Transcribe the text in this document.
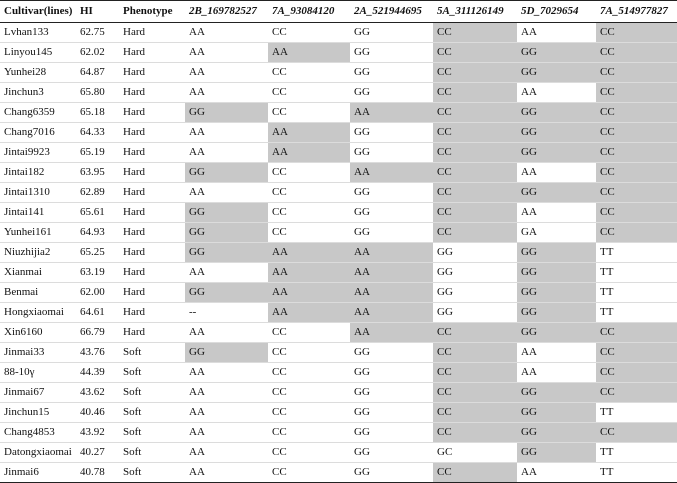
Cultivar(lines)	HI	Phenotype	2B_169782527	7A_93084120	2A_521944695	5A_311126149	5D_7029654	7A_514977827
Lvhan133	62.75	Hard	AA	CC	GG	CC	AA	CC
Linyou145	62.02	Hard	AA	AA	GG	CC	GG	CC
Yunhei28	64.87	Hard	AA	CC	GG	CC	GG	CC
Jinchun3	65.80	Hard	AA	CC	GG	CC	AA	CC
Chang6359	65.18	Hard	GG	CC	AA	CC	GG	CC
Chang7016	64.33	Hard	AA	AA	GG	CC	GG	CC
Jintai9923	65.19	Hard	AA	AA	GG	CC	GG	CC
Jintai182	63.95	Hard	GG	CC	AA	CC	AA	CC
Jintai1310	62.89	Hard	AA	CC	GG	CC	GG	CC
Jintai141	65.61	Hard	GG	CC	GG	CC	AA	CC
Yunhei161	64.93	Hard	GG	CC	GG	CC	GA	CC
Niuzhijia2	65.25	Hard	GG	AA	AA	GG	GG	TT
Xianmai	63.19	Hard	AA	AA	AA	GG	GG	TT
Benmai	62.00	Hard	GG	AA	AA	GG	GG	TT
Hongxiaomai	64.61	Hard	--	AA	AA	GG	GG	TT
Xin6160	66.79	Hard	AA	CC	AA	CC	GG	CC
Jinmai33	43.76	Soft	GG	CC	GG	CC	AA	CC
88-10γ	44.39	Soft	AA	CC	GG	CC	AA	CC
Jinmai67	43.62	Soft	AA	CC	GG	CC	GG	CC
Jinchun15	40.46	Soft	AA	CC	GG	CC	GG	TT
Chang4853	43.92	Soft	AA	CC	GG	CC	GG	CC
Datongxiaomai	40.27	Soft	AA	CC	GG	GC	GG	TT
Jinmai6	40.78	Soft	AA	CC	GG	CC	AA	TT
